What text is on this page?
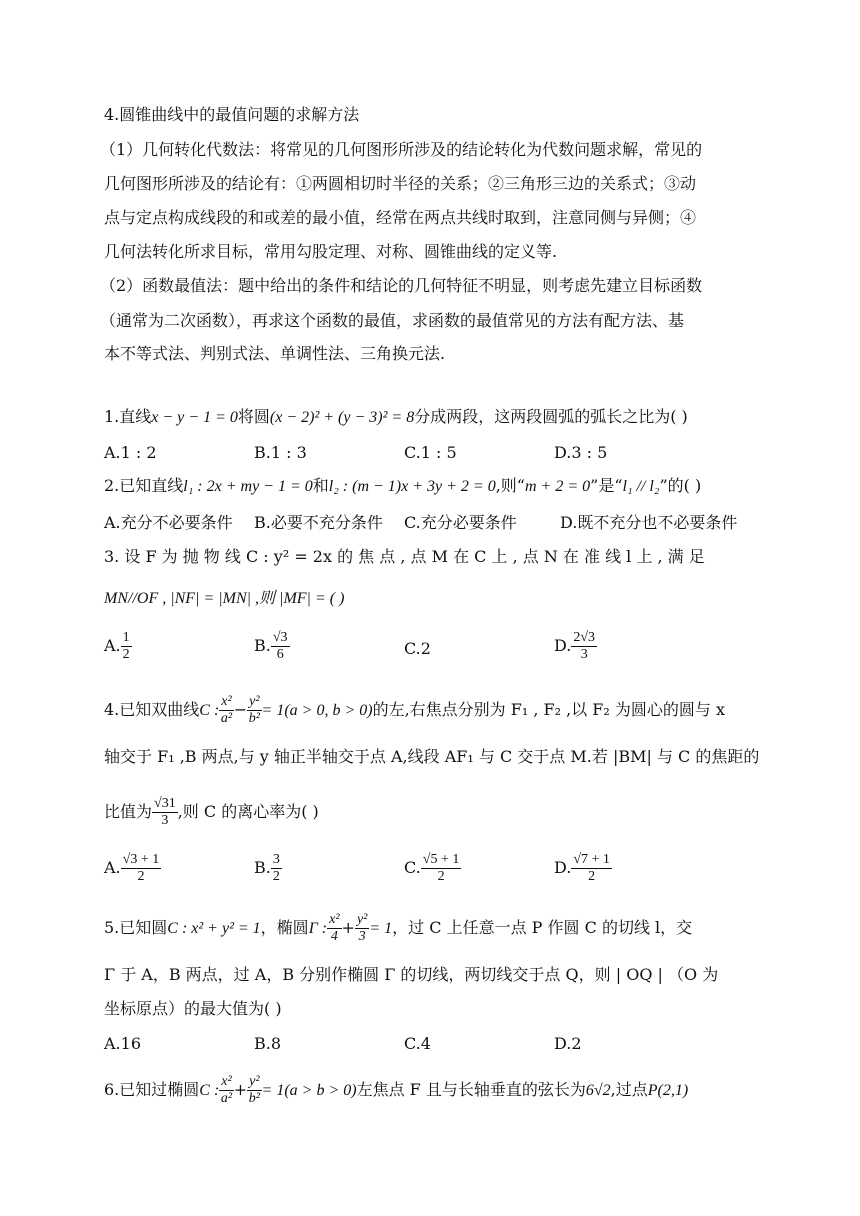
4.圆锥曲线中的最值问题的求解方法
（1）几何转化代数法：将常见的几何图形所涉及的结论转化为代数问题求解，常见的
几何图形所涉及的结论有：①两圆相切时半径的关系；②三角形三边的关系式；③动
点与定点构成线段的和或差的最小值，经常在两点共线时取到，注意同侧与异侧；④
几何法转化所求目标，常用勾股定理、对称、圆锥曲线的定义等.
（2）函数最值法：题中给出的条件和结论的几何特征不明显，则考虑先建立目标函数
（通常为二次函数），再求这个函数的最值，求函数的最值常见的方法有配方法、基
本不等式法、判别式法、单调性法、三角换元法.
1.直线x − y − 1 = 0将圆(x − 2)² + (y − 3)² = 8分成两段，这两段圆弧的弧长之比为( )
A.1 : 2	B.1 : 3	C.1 : 5	D.3 : 5
2.已知直线l₁ : 2x + my − 1 = 0和l₂ : (m − 1)x + 3y + 2 = 0,则“m + 2 = 0”是“l₁ // l₂”的( )
A.充分不必要条件 B.必要不充分条件 C.充分必要条件	D.既不充分也不必要条件
3. 设 F 为 抛 物 线 C : y² = 2x 的 焦 点 , 点 M 在 C 上 , 点 N 在 准 线 l 上 , 满 足
MN//OF , |NF| = |MN| ,则 |MF| = ( )
A. $\frac{1}{2}$	B. $\frac{√3}{6}$	C.2	D. $\frac{2√3}{3}$
4.已知双曲线C : $\frac{\text{x²}}{\text{a²}} - \frac{\text{y²}}{\text{b²}} = 1(a > 0$, b > 0)的左,右焦点分别为 F₁ , F₂ ,以 F₂ 为圆心的圆与 x
轴交于 F₁ ,B 两点,与 y 轴正半轴交于点 A,线段 AF₁ 与 C 交于点 M.若 |BM| 与 C 的焦距的
比值为 $\frac{√31}{3}$ ,则 C 的离心率为( )
A. $\frac{√3 + 1}{2}$	B. $\frac{3}{2}$	C. $\frac{√5 + 1}{2}$	D. $\frac{√7 + 1}{2}$
5.已知圆C : x² + y² = 1，椭圆Γ : $\frac{\text{x²}}{4} + \frac{\text{y²}}{3} = 1$，过 C 上任意一点 P 作圆 C 的切线 l，交
Γ 于 A，B 两点，过 A，B 分别作椭圆 Γ 的切线，两切线交于点 Q，则 | OQ | （O 为
坐标原点）的最大值为( )
A.16	B.8	C.4	D.2
6.已知过椭圆C : $\frac{\text{x²}}{\text{a²}} + \frac{\text{y²}}{\text{b²}} = 1(a > b > 0)$左焦点 F 且与长轴垂直的弦长为6√2,过点P(2,1)
